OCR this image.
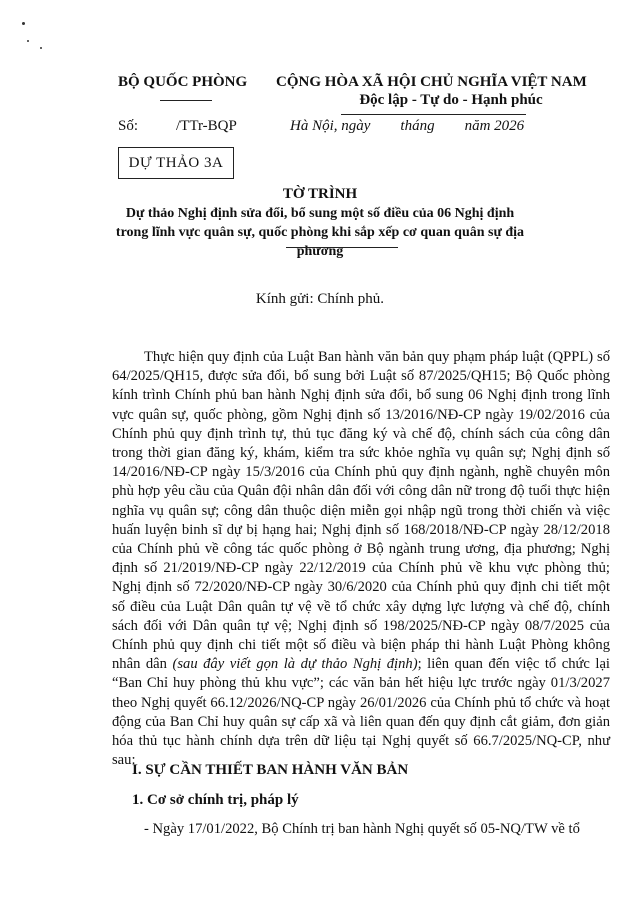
BỘ QUỐC PHÒNG	CỘNG HÒA XÃ HỘI CHỦ NGHĨA VIỆT NAM
Độc lập - Tự do - Hạnh phúc
Số:	/TTr-BQP	Hà Nội, ngày        tháng        năm 2026
DỰ THẢO 3A
TỜ TRÌNH
Dự thảo Nghị định sửa đổi, bổ sung một số điều của 06 Nghị định trong lĩnh vực quân sự, quốc phòng khi sắp xếp cơ quan quân sự địa phương
Kính gửi: Chính phủ.

Thực hiện quy định của Luật Ban hành văn bản quy phạm pháp luật (QPPL) số 64/2025/QH15, được sửa đổi, bổ sung bởi Luật số 87/2025/QH15; Bộ Quốc phòng kính trình Chính phủ ban hành Nghị định sửa đổi, bổ sung 06 Nghị định trong lĩnh vực quân sự, quốc phòng, gồm Nghị định số 13/2016/NĐ-CP ngày 19/02/2016 của Chính phủ quy định trình tự, thủ tục đăng ký và chế độ, chính sách của công dân trong thời gian đăng ký, khám, kiểm tra sức khỏe nghĩa vụ quân sự; Nghị định số 14/2016/NĐ-CP ngày 15/3/2016 của Chính phủ quy định ngành, nghề chuyên môn phù hợp yêu cầu của Quân đội nhân dân đối với công dân nữ trong độ tuổi thực hiện nghĩa vụ quân sự; công dân thuộc diện miễn gọi nhập ngũ trong thời chiến và việc huấn luyện binh sĩ dự bị hạng hai; Nghị định số 168/2018/NĐ-CP ngày 28/12/2018 của Chính phủ về công tác quốc phòng ở Bộ ngành trung ương, địa phương; Nghị định số 21/2019/NĐ-CP ngày 22/12/2019 của Chính phủ về khu vực phòng thủ; Nghị định số 72/2020/NĐ-CP ngày 30/6/2020 của Chính phủ quy định chi tiết một số điều của Luật Dân quân tự vệ về tổ chức xây dựng lực lượng và chế độ, chính sách đối với Dân quân tự vệ; Nghị định số 198/2025/NĐ-CP ngày 08/7/2025 của Chính phủ quy định chi tiết một số điều và biện pháp thi hành Luật Phòng không nhân dân (sau đây viết gọn là dự thảo Nghị định); liên quan đến việc tổ chức lại “Ban Chỉ huy phòng thủ khu vực”; các văn bản hết hiệu lực trước ngày 01/3/2027 theo Nghị quyết 66.12/2026/NQ-CP ngày 26/01/2026 của Chính phủ tổ chức và hoạt động của Ban Chỉ huy quân sự cấp xã và liên quan đến quy định cắt giảm, đơn giản hóa thủ tục hành chính dựa trên dữ liệu tại Nghị quyết số 66.7/2025/NQ-CP, như sau:

I. SỰ CẦN THIẾT BAN HÀNH VĂN BẢN
1. Cơ sở chính trị, pháp lý

- Ngày 17/01/2022, Bộ Chính trị ban hành Nghị quyết số 05-NQ/TW về tổ
